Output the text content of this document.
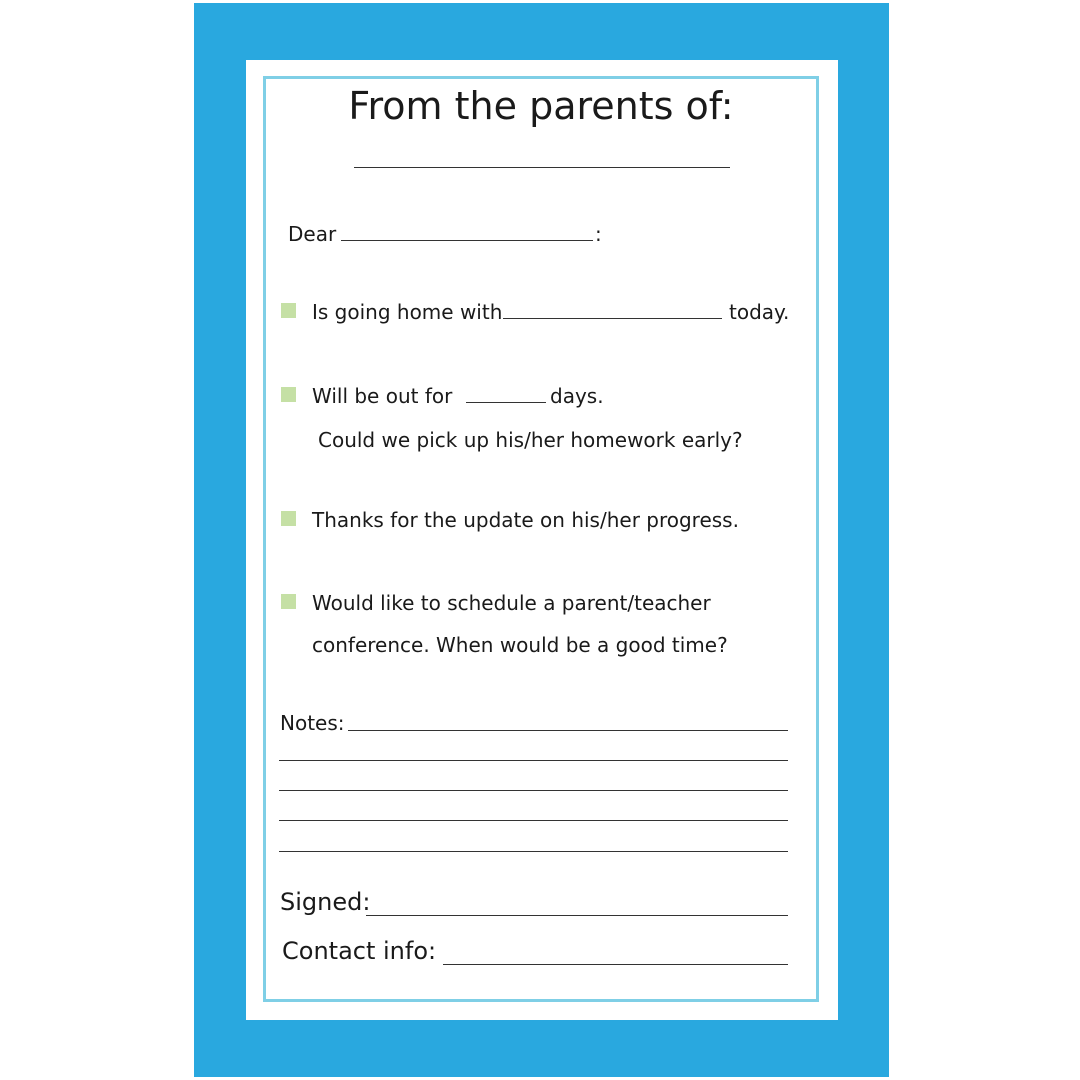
From the parents of:
Dear	:
Is going home with	today.
Will be out for	days.
Could we pick up his/her homework early?
Thanks for the update on his/her progress.
Would like to schedule a parent/teacher
conference. When would be a good time?
Notes:
Signed:
Contact info:
